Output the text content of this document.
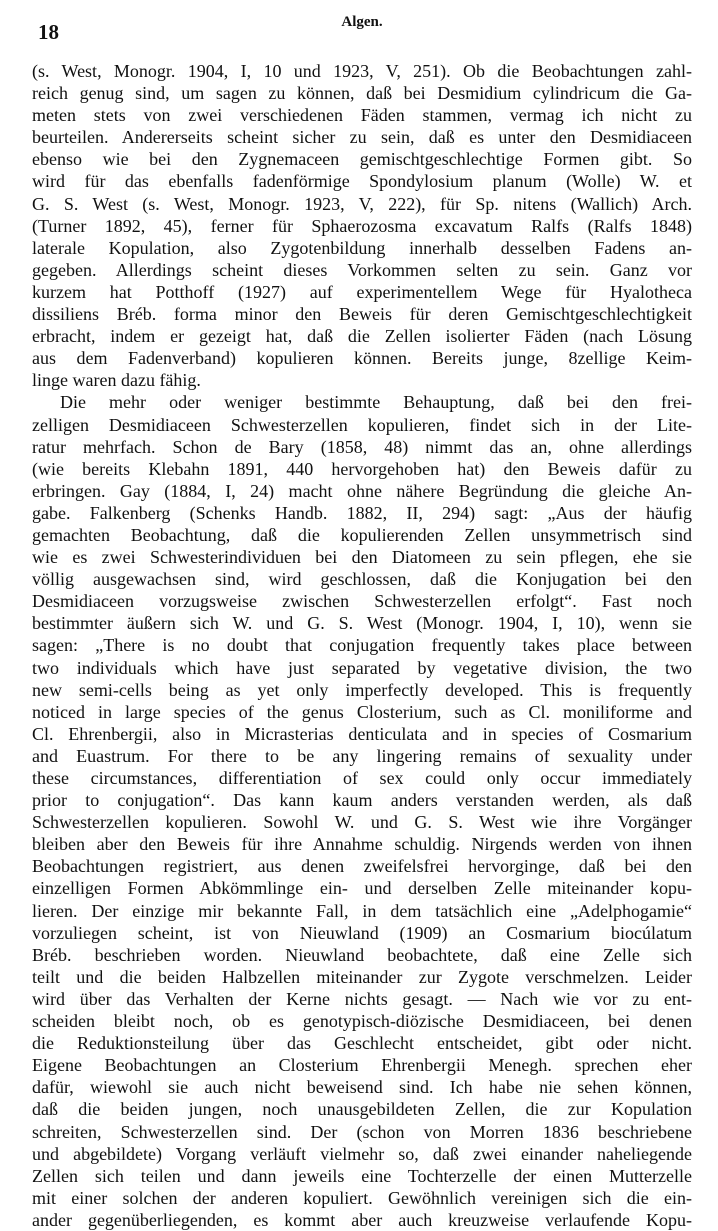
18	Algen.
(s. West, Monogr. 1904, I, 10 und 1923, V, 251). Ob die Beobachtungen zahl-
reich genug sind, um sagen zu können, daß bei Desmidium cylindricum die Ga-
meten stets von zwei verschiedenen Fäden stammen, vermag ich nicht zu
beurteilen. Andererseits scheint sicher zu sein, daß es unter den Desmidiaceen
ebenso wie bei den Zygnemaceen gemischtgeschlechtige Formen gibt. So
wird für das ebenfalls fadenförmige Spondylosium planum (Wolle) W. et
G. S. West (s. West, Monogr. 1923, V, 222), für Sp. nitens (Wallich) Arch.
(Turner 1892, 45), ferner für Sphaerozosma excavatum Ralfs (Ralfs 1848)
laterale Kopulation, also Zygotenbildung innerhalb desselben Fadens an-
gegeben. Allerdings scheint dieses Vorkommen selten zu sein. Ganz vor
kurzem hat Potthoff (1927) auf experimentellem Wege für Hyalotheca
dissiliens Bréb. forma minor den Beweis für deren Gemischtgeschlechtigkeit
erbracht, indem er gezeigt hat, daß die Zellen isolierter Fäden (nach Lösung
aus dem Fadenverband) kopulieren können. Bereits junge, 8zellige Keim-
linge waren dazu fähig.
Die mehr oder weniger bestimmte Behauptung, daß bei den frei-
zelligen Desmidiaceen Schwesterzellen kopulieren, findet sich in der Lite-
ratur mehrfach. Schon de Bary (1858, 48) nimmt das an, ohne allerdings
(wie bereits Klebahn 1891, 440 hervorgehoben hat) den Beweis dafür zu
erbringen. Gay (1884, I, 24) macht ohne nähere Begründung die gleiche An-
gabe. Falkenberg (Schenks Handb. 1882, II, 294) sagt: „Aus der häufig
gemachten Beobachtung, daß die kopulierenden Zellen unsymmetrisch sind
wie es zwei Schwesterindividuen bei den Diatomeen zu sein pflegen, ehe sie
völlig ausgewachsen sind, wird geschlossen, daß die Konjugation bei den
Desmidiaceen vorzugsweise zwischen Schwesterzellen erfolgt“. Fast noch
bestimmter äußern sich W. und G. S. West (Monogr. 1904, I, 10), wenn sie
sagen: „There is no doubt that conjugation frequently takes place between
two individuals which have just separated by vegetative division, the two
new semi-cells being as yet only imperfectly developed. This is frequently
noticed in large species of the genus Closterium, such as Cl. moniliforme and
Cl. Ehrenbergii, also in Micrasterias denticulata and in species of Cosmarium
and Euastrum. For there to be any lingering remains of sexuality under
these circumstances, differentiation of sex could only occur immediately
prior to conjugation“. Das kann kaum anders verstanden werden, als daß
Schwesterzellen kopulieren. Sowohl W. und G. S. West wie ihre Vorgänger
bleiben aber den Beweis für ihre Annahme schuldig. Nirgends werden von ihnen
Beobachtungen registriert, aus denen zweifelsfrei hervorginge, daß bei den
einzelligen Formen Abkömmlinge ein- und derselben Zelle miteinander kopu-
lieren. Der einzige mir bekannte Fall, in dem tatsächlich eine „Adelphogamie“
vorzuliegen scheint, ist von Nieuwland (1909) an Cosmarium biocúlatum
Bréb. beschrieben worden. Nieuwland beobachtete, daß eine Zelle sich
teilt und die beiden Halbzellen miteinander zur Zygote verschmelzen. Leider
wird über das Verhalten der Kerne nichts gesagt. — Nach wie vor zu ent-
scheiden bleibt noch, ob es genotypisch-diözische Desmidiaceen, bei denen
die Reduktionsteilung über das Geschlecht entscheidet, gibt oder nicht.
Eigene Beobachtungen an Closterium Ehrenbergii Menegh. sprechen eher
dafür, wiewohl sie auch nicht beweisend sind. Ich habe nie sehen können,
daß die beiden jungen, noch unausgebildeten Zellen, die zur Kopulation
schreiten, Schwesterzellen sind. Der (schon von Morren 1836 beschriebene
und abgebildete) Vorgang verläuft vielmehr so, daß zwei einander naheliegende
Zellen sich teilen und dann jeweils eine Tochterzelle der einen Mutterzelle
mit einer solchen der anderen kopuliert. Gewöhnlich vereinigen sich die ein-
ander gegenüberliegenden, es kommt aber auch kreuzweise verlaufende Kopu-
